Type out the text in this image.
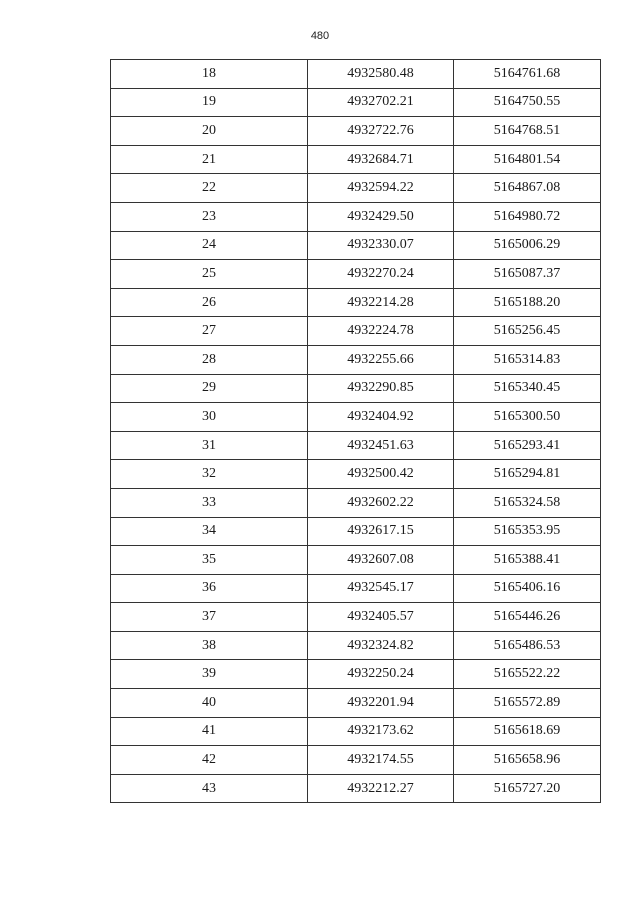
480
18	4932580.48	5164761.68
19	4932702.21	5164750.55
20	4932722.76	5164768.51
21	4932684.71	5164801.54
22	4932594.22	5164867.08
23	4932429.50	5164980.72
24	4932330.07	5165006.29
25	4932270.24	5165087.37
26	4932214.28	5165188.20
27	4932224.78	5165256.45
28	4932255.66	5165314.83
29	4932290.85	5165340.45
30	4932404.92	5165300.50
31	4932451.63	5165293.41
32	4932500.42	5165294.81
33	4932602.22	5165324.58
34	4932617.15	5165353.95
35	4932607.08	5165388.41
36	4932545.17	5165406.16
37	4932405.57	5165446.26
38	4932324.82	5165486.53
39	4932250.24	5165522.22
40	4932201.94	5165572.89
41	4932173.62	5165618.69
42	4932174.55	5165658.96
43	4932212.27	5165727.20
